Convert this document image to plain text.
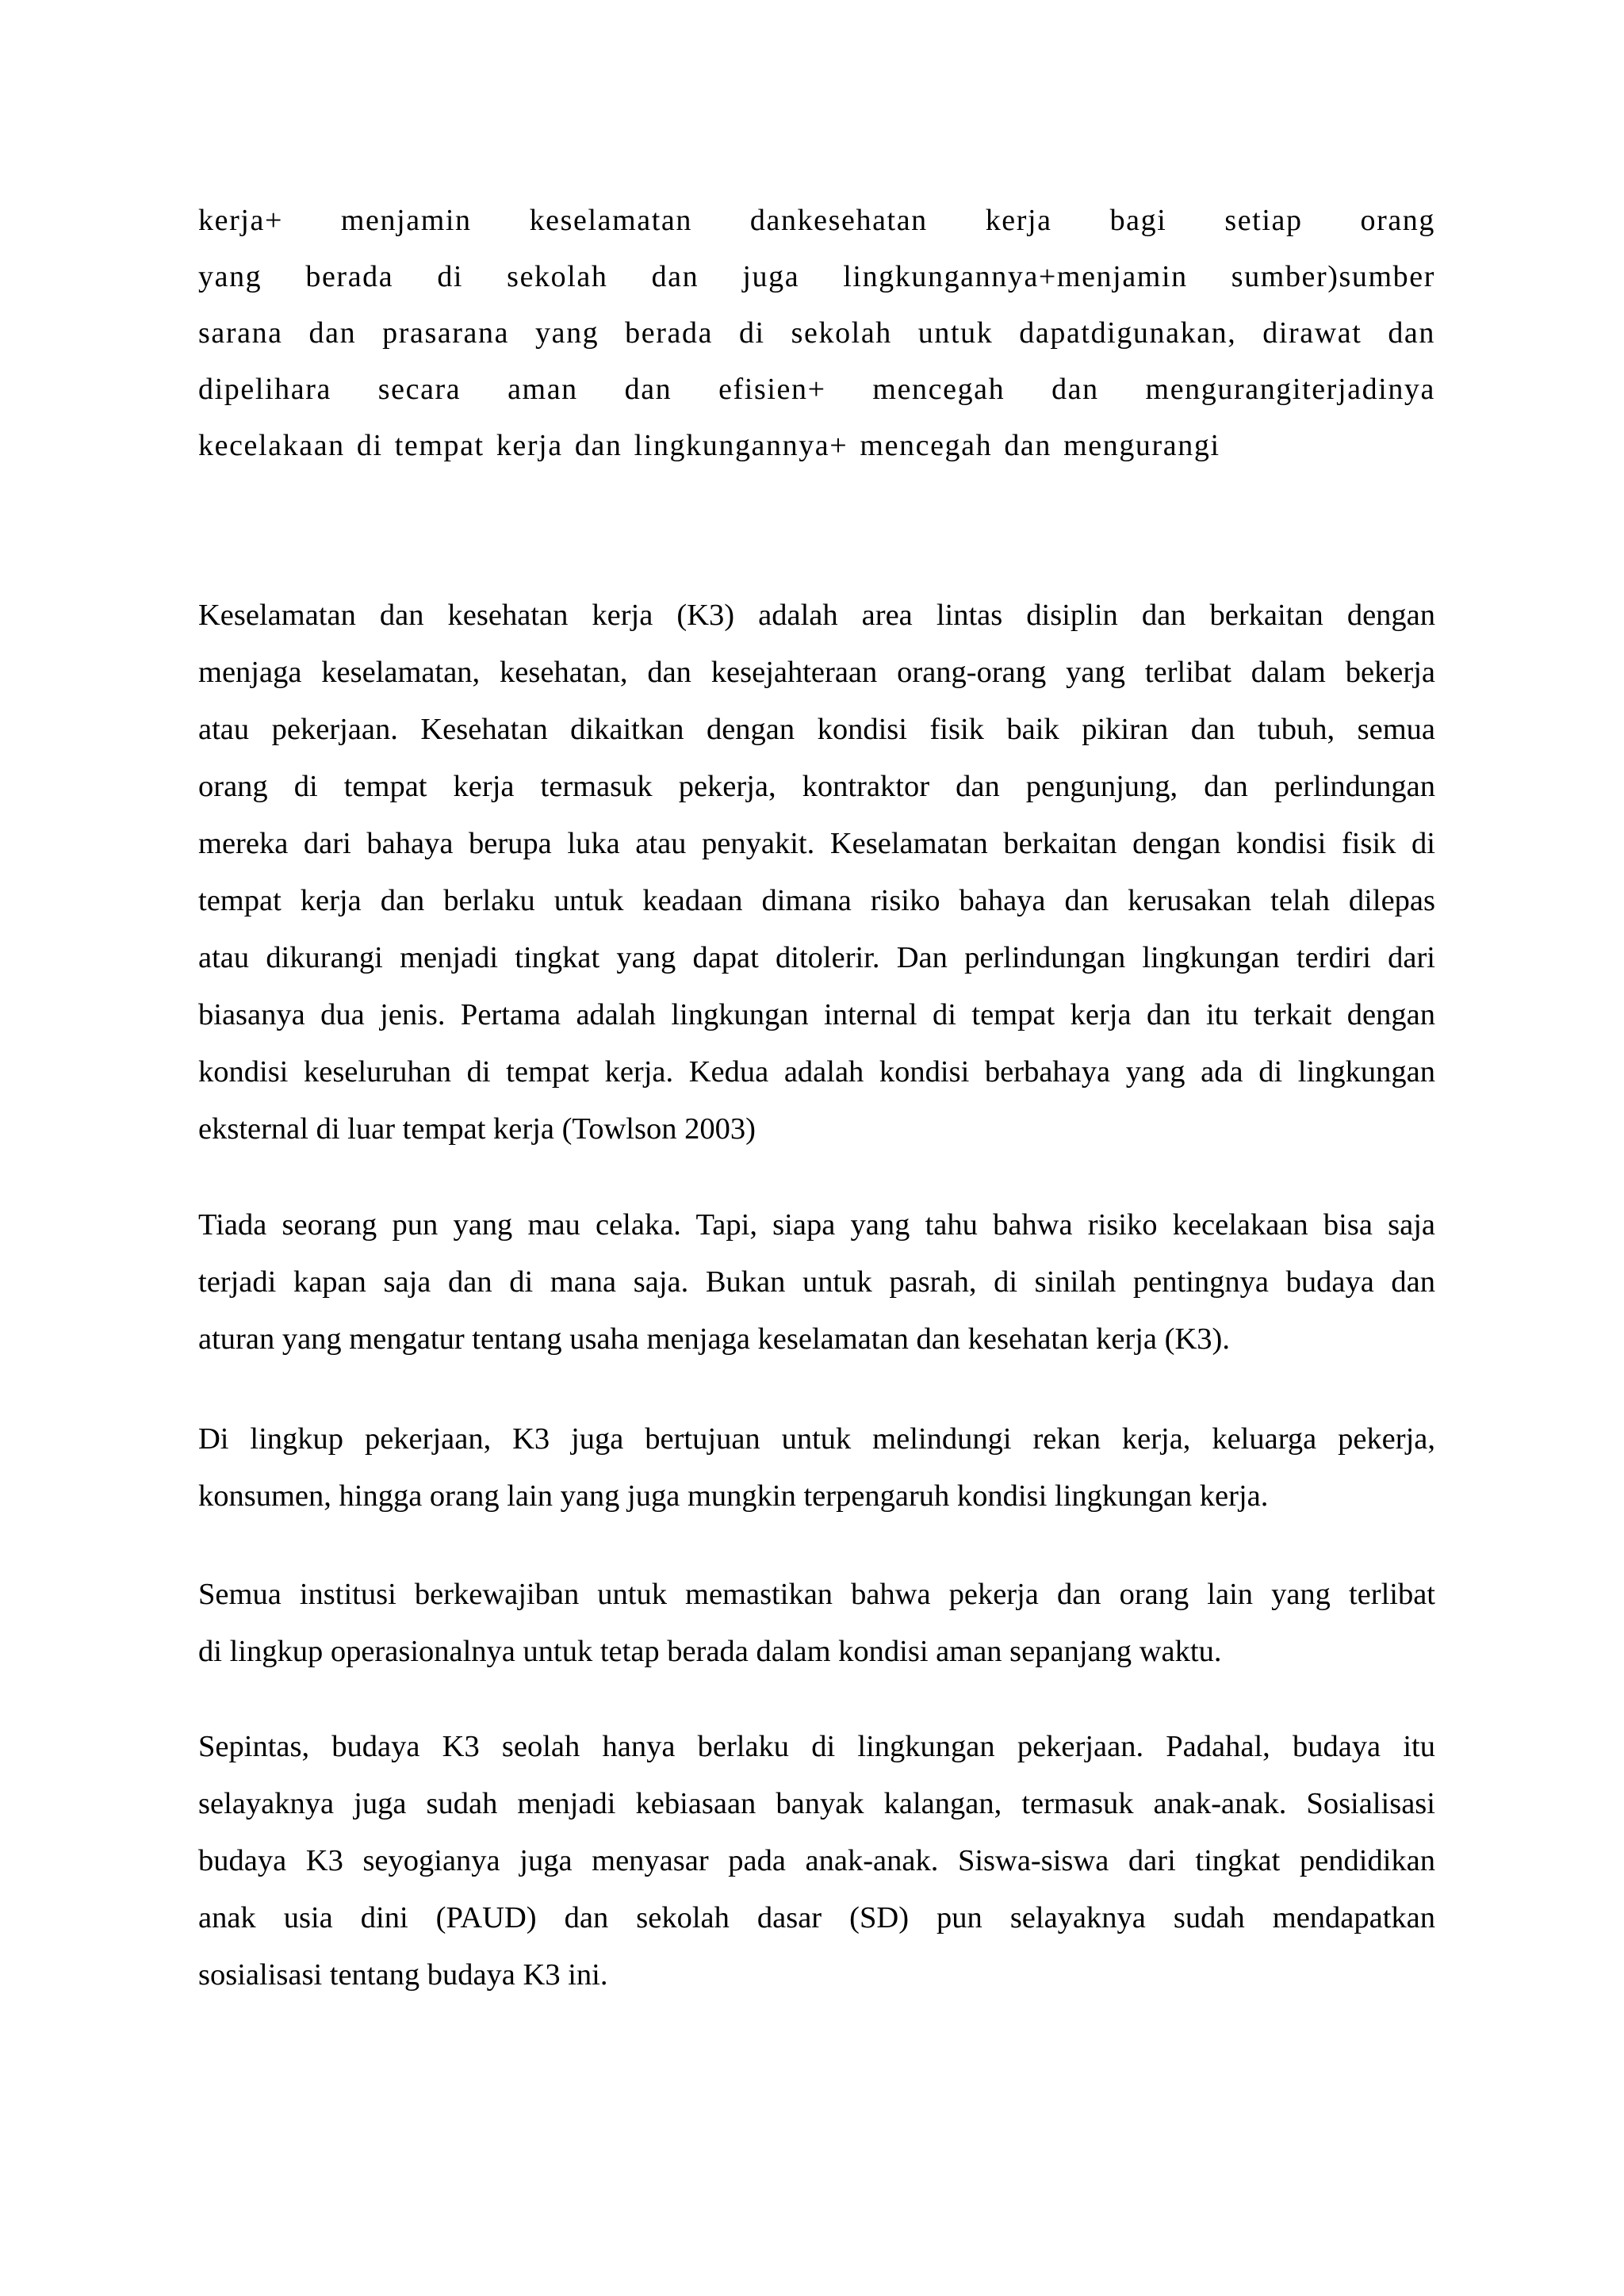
kerja+ menjamin keselamatan dankesehatan kerja bagi setiap orang
yang berada di sekolah dan juga lingkungannya+menjamin sumber)sumber
sarana dan prasarana yang berada di sekolah untuk dapatdigunakan, dirawat dan
dipelihara secara aman dan efisien+ mencegah dan mengurangiterjadinya
kecelakaan di tempat kerja dan lingkungannya+ mencegah dan mengurangi
Keselamatan dan kesehatan kerja (K3) adalah area lintas disiplin dan berkaitan dengan
menjaga keselamatan, kesehatan, dan kesejahteraan orang-orang yang terlibat dalam bekerja
atau pekerjaan. Kesehatan dikaitkan dengan kondisi fisik baik pikiran dan tubuh, semua
orang di tempat kerja termasuk pekerja, kontraktor dan pengunjung, dan perlindungan
mereka dari bahaya berupa luka atau penyakit. Keselamatan berkaitan dengan kondisi fisik di
tempat kerja dan berlaku untuk keadaan dimana risiko bahaya dan kerusakan telah dilepas
atau dikurangi menjadi tingkat yang dapat ditolerir. Dan perlindungan lingkungan terdiri dari
biasanya dua jenis. Pertama adalah lingkungan internal di tempat kerja dan itu terkait dengan
kondisi keseluruhan di tempat kerja. Kedua adalah kondisi berbahaya yang ada di lingkungan
eksternal di luar tempat kerja (Towlson 2003)
Tiada seorang pun yang mau celaka. Tapi, siapa yang tahu bahwa risiko kecelakaan bisa saja
terjadi kapan saja dan di mana saja. Bukan untuk pasrah, di sinilah pentingnya budaya dan
aturan yang mengatur tentang usaha menjaga keselamatan dan kesehatan kerja (K3).
Di lingkup pekerjaan, K3 juga bertujuan untuk melindungi rekan kerja, keluarga pekerja,
konsumen, hingga orang lain yang juga mungkin terpengaruh kondisi lingkungan kerja.
Semua institusi berkewajiban untuk memastikan bahwa pekerja dan orang lain yang terlibat
di lingkup operasionalnya untuk tetap berada dalam kondisi aman sepanjang waktu.
Sepintas, budaya K3 seolah hanya berlaku di lingkungan pekerjaan. Padahal, budaya itu
selayaknya juga sudah menjadi kebiasaan banyak kalangan, termasuk anak-anak. Sosialisasi
budaya K3 seyogianya juga menyasar pada anak-anak. Siswa-siswa dari tingkat pendidikan
anak usia dini (PAUD) dan sekolah dasar (SD) pun selayaknya sudah mendapatkan
sosialisasi tentang budaya K3 ini.
